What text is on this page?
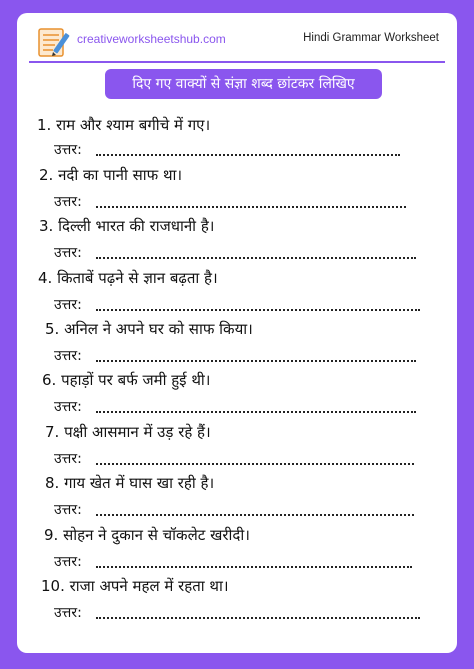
creativeworksheetshub.com	Hindi Grammar Worksheet
दिए गए वाक्यों से संज्ञा शब्द छांटकर लिखिए
1. राम और श्याम बगीचे में गए।
उत्तर:
2. नदी का पानी साफ था।
उत्तर:
3. दिल्ली भारत की राजधानी है।
उत्तर:
4. किताबें पढ़ने से ज्ञान बढ़ता है।
उत्तर:
5. अनिल ने अपने घर को साफ किया।
उत्तर:
6. पहाड़ों पर बर्फ जमी हुई थी।
उत्तर:
7. पक्षी आसमान में उड़ रहे हैं।
उत्तर:
8. गाय खेत में घास खा रही है।
उत्तर:
9. सोहन ने दुकान से चॉकलेट खरीदी।
उत्तर:
10. राजा अपने महल में रहता था।
उत्तर:
